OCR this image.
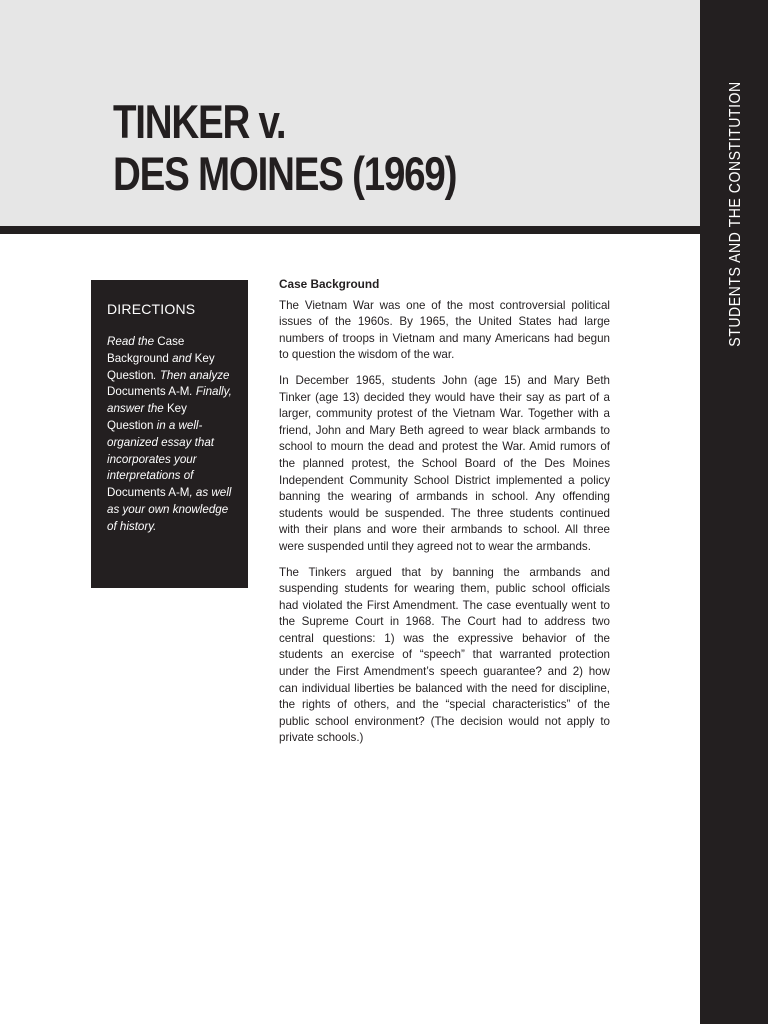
TINKER v.
DES MOINES (1969)	STUDENTS AND THE CONSTITUTION
DIRECTIONS

Read the Case Background and Key Question. Then analyze Documents A-M. Finally, answer the Key Question in a well-organized essay that incorporates your interpretations of Documents A-M, as well as your own knowledge of history.

Case Background

The Vietnam War was one of the most controversial political issues of the 1960s. By 1965, the United States had large numbers of troops in Vietnam and many Americans had begun to question the wisdom of the war.

In December 1965, students John (age 15) and Mary Beth Tinker (age 13) decided they would have their say as part of a larger, community protest of the Vietnam War. Together with a friend, John and Mary Beth agreed to wear black armbands to school to mourn the dead and protest the War. Amid rumors of the planned protest, the School Board of the Des Moines Independent Community School District implemented a policy banning the wearing of armbands in school. Any offending students would be suspended. The three students continued with their plans and wore their armbands to school. All three were suspended until they agreed not to wear the armbands.

The Tinkers argued that by banning the armbands and suspending students for wearing them, public school officials had violated the First Amendment. The case eventually went to the Supreme Court in 1968. The Court had to address two central questions: 1) was the expressive behavior of the students an exercise of “speech” that warranted protection under the First Amendment’s speech guarantee? and 2) how can individual liberties be balanced with the need for discipline, the rights of others, and the “special characteristics” of the public school environment? (The decision would not apply to private schools.)
